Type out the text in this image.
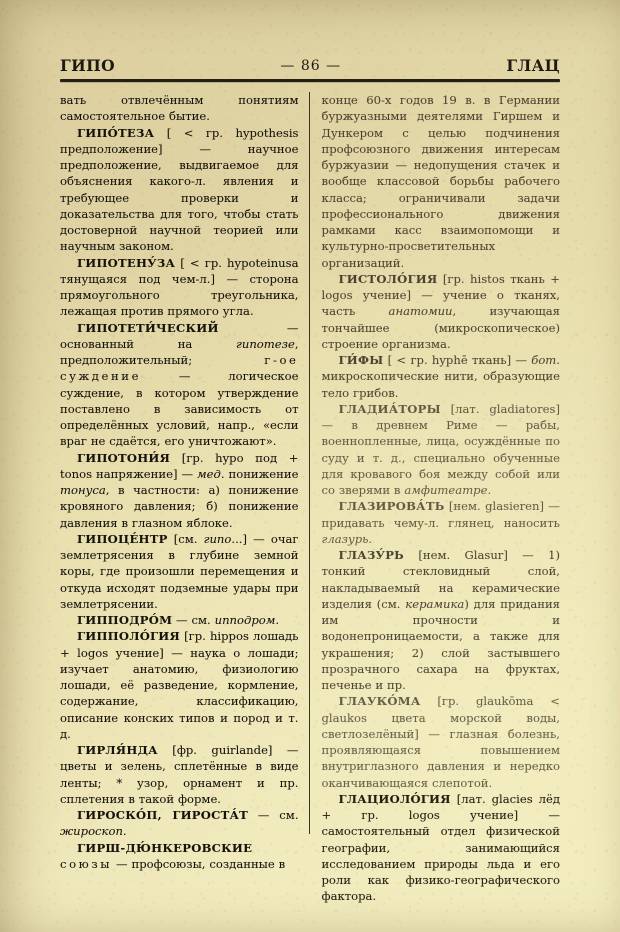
ГИПО	— 86 —	ГЛАЦ

вать отвлечённым понятиям самостоятельное бытие.

ГИПО́ТЕЗА [ < гр. hypothesis предположение] — научное предположение, выдвигаемое для объяснения какого-л. явления и требующее проверки и доказательства для того, чтобы стать достоверной научной теорией или научным законом.

ГИПОТЕНУ́ЗА [ < гр. hypoteinusa тянущаяся под чем-л.] — сторона прямоугольного треугольника, лежащая против прямого угла.

ГИПОТЕТИ́ЧЕСКИЙ — основанный на гипотезе, предположительный; г-ое суждение — логическое суждение, в котором утверждение поставлено в зависимость от определённых условий, напр., «если враг не сдаётся, его уничтожают».

ГИПОТОНИ́Я [гр. hypo под + tonos напряжение] — мед. понижение тонуса, в частности: а) понижение кровяного давления; б) понижение давления в глазном яблоке.

ГИПОЦЕ́НТР [см. гипо...] — очаг землетрясения в глубине земной коры, где произошли перемещения и откуда исходят подземные удары при землетрясении.

ГИППОДРО́М — см. ипподром.

ГИППОЛО́ГИЯ [гр. hippos лошадь + logos учение] — наука о лошади; изучает анатомию, физиологию лошади, её разведение, кормление, содержание, классификацию, описание конских типов и пород и т. д.

ГИРЛЯ́НДА [фр. guirlande] — цветы и зелень, сплетённые в виде ленты; * узор, орнамент и пр. сплетения в такой форме.

ГИРОСКО́П, ГИРОСТА́Т — см. жироскоп.

ГИРШ-ДЮ́НКЕРОВСКИЕ союзы — профсоюзы, созданные в

конце 60-х годов 19 в. в Германии буржуазными деятелями Гиршем и Дункером с целью подчинения профсоюзного движения интересам буржуазии — недопущения стачек и вообще классовой борьбы рабочего класса; ограничивали задачи профессионального движения рамками касс взаимопомощи и культурно-просветительных организаций.

ГИСТОЛО́ГИЯ [гр. histos ткань + logos учение] — учение о тканях, часть анатомии, изучающая тончайшее (микроскопическое) строение организма.

ГИ́ФЫ [ < гр. hyphē ткань] — бот. микроскопические нити, образующие тело грибов.

ГЛАДИА́ТОРЫ [лат. gladiatores] — в древнем Риме — рабы, военнопленные, лица, осуждённые по суду и т. д., специально обученные для кровавого боя между собой или со зверями в амфитеатре.

ГЛАЗИРОВА́ТЬ [нем. glasieren] — придавать чему-л. глянец, наносить глазурь.

ГЛАЗУ́РЬ [нем. Glasur] — 1) тонкий стекловидный слой, накладываемый на керамические изделия (см. керамика) для придания им прочности и водонепроницаемости, а также для украшения; 2) слой застывшего прозрачного сахара на фруктах, печенье и пр.

ГЛАУКО́МА [гр. glaukōma < glaukos цвета морской воды, светлозелёный] — глазная болезнь, проявляющаяся повышением внутриглазного давления и нередко оканчивающаяся слепотой.

ГЛАЦИОЛО́ГИЯ [лат. glacies лёд + гр. logos учение] — самостоятельный отдел физической географии, занимающийся исследованием природы льда и его роли как физико-географического фактора.
